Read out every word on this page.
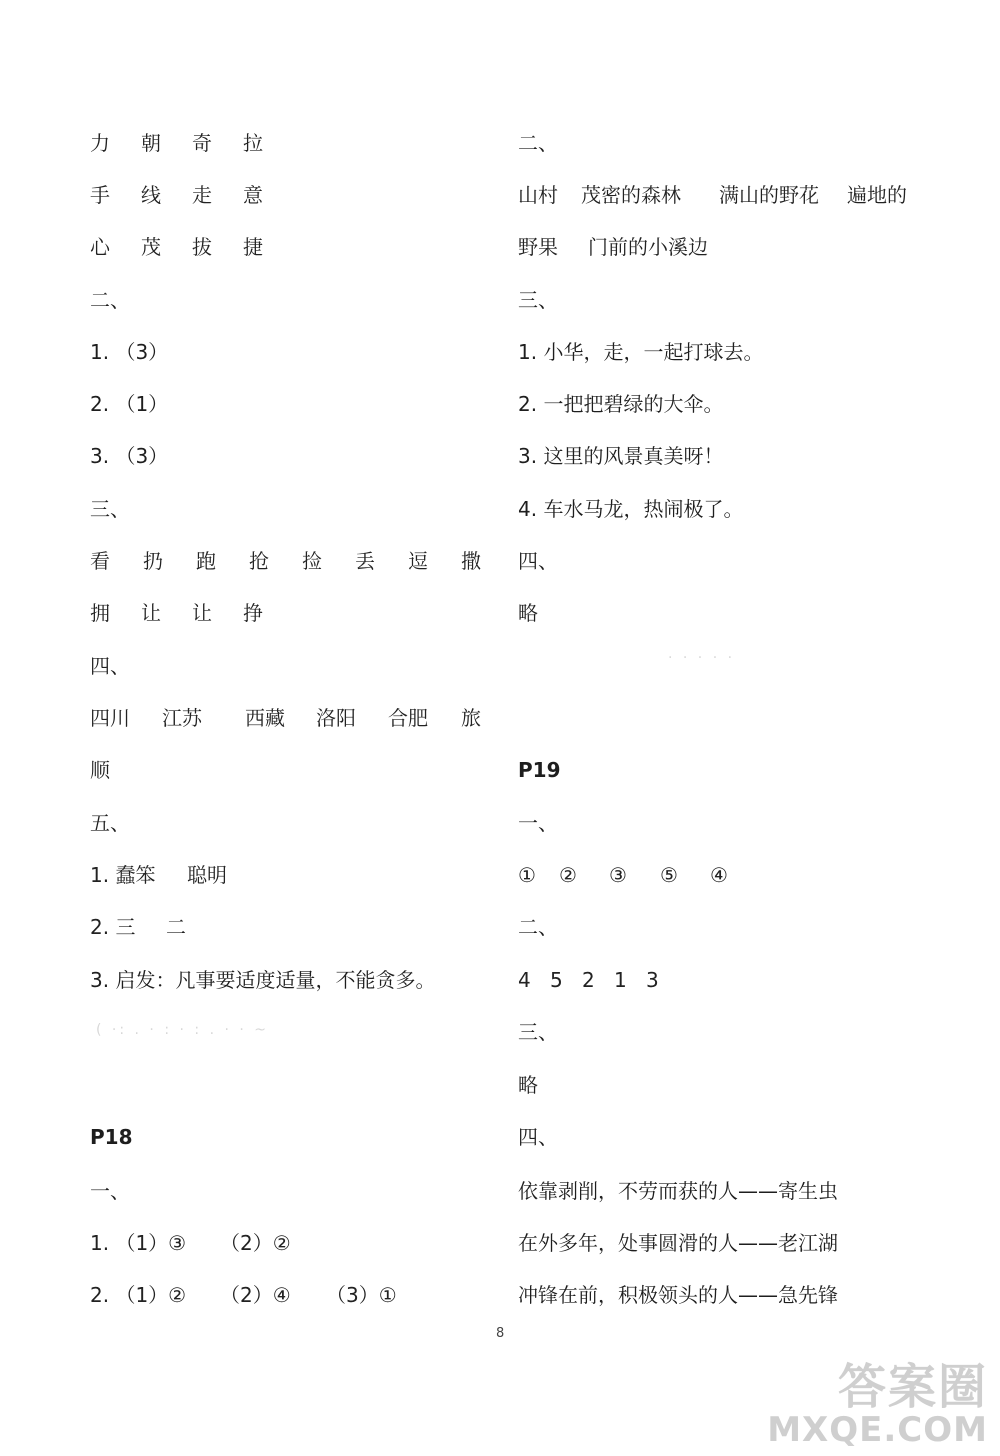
力 朝 奇 拉
手 线 走 意
心 茂 拔 捷
二、
1. （3）
2. （1）
3. （3）
三、
看 扔 跑 抢 捡 丢 逗 撒
拥 让 让 挣
四、
四川 江苏 西藏 洛阳 合肥 旅
顺
五、
1. 蠢笨 聪明
2. 三 二
3. 启发：凡事要适度适量，不能贪多。
( ·: . · : · : . · · ~
P18
一、
1. （1）③ （2）②
2. （1）② （2）④ （3）①
二、
山村 茂密的森林 满山的野花 遍地的
野果 门前的小溪边
三、
1. 小华，走，一起打球去。
2. 一把把碧绿的大伞。
3. 这里的风景真美呀！
4. 车水马龙，热闹极了。
四、
略
· · · · ·
P19
一、
① ② ③ ⑤ ④
二、
4 5 2 1 3
三、
略
四、
依靠剥削，不劳而获的人——寄生虫
在外多年，处事圆滑的人——老江湖
冲锋在前，积极领头的人——急先锋
8
答案圈
MXQE.COM
